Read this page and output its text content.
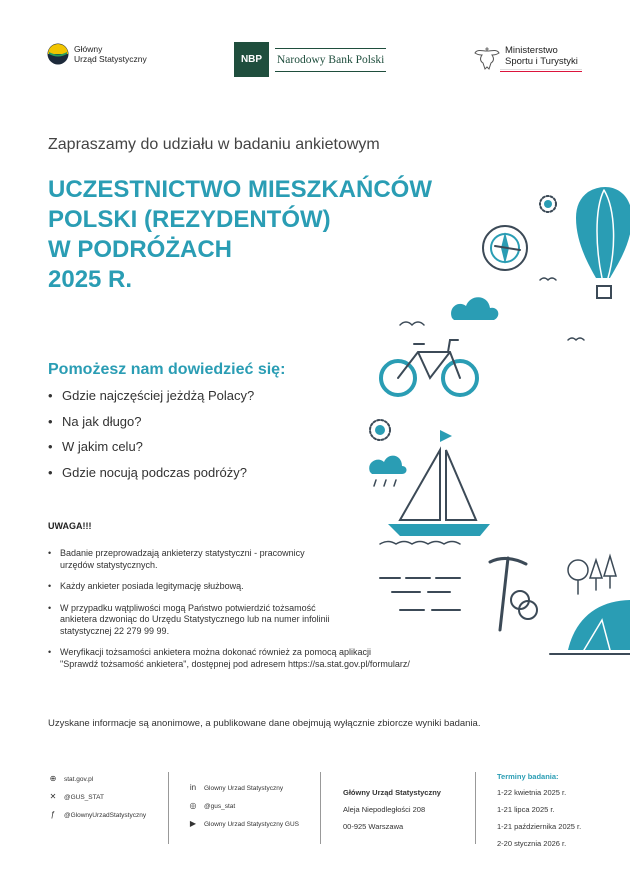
Główny
Urząd Statystyczny	NBP	Narodowy Bank Polski
Ministerstwo
Sportu i Turystyki
Zapraszamy do udziału w badaniu ankietowym
UCZESTNICTWO MIESZKAŃCÓW
POLSKI (REZYDENTÓW)
W PODRÓŻACH
2025 R.
Pomożesz nam dowiedzieć się:
• Gdzie najczęściej jeżdżą Polacy?
• Na jak długo?
• W jakim celu?
• Gdzie nocują podczas podróży?
UWAGA!!!
• Badanie przeprowadzają ankieterzy statystyczni - pracownicy
urzędów statystycznych.
• Każdy ankieter posiada legitymację służbową.
• W przypadku wątpliwości mogą Państwo potwierdzić tożsamość
ankietera dzwoniąc do Urzędu Statystycznego lub na numer infolinii
statystycznej 22 279 99 99.
• Weryfikacji tożsamości ankietera można dokonać również za pomocą aplikacji
"Sprawdź tożsamość ankietera", dostępnej pod adresem https://sa.stat.gov.pl/formularz/
Uzyskane informacje są anonimowe, a publikowane dane obejmują wyłącznie zbiorcze wyniki badania.
⊕ stat.gov.pl
✕ @GUS_STAT
ƒ	@GlownyUrzadStatystyczny
in Glowny Urzad Statystyczny
◎ @gus_stat
▶ Glowny Urzad Statystyczny GUS
Główny Urząd Statystyczny
Aleja Niepodległości 208
00-925 Warszawa
Terminy badania:
1-22 kwietnia 2025 r.
1-21 lipca 2025 r.
1-21 października 2025 r.
2-20 stycznia 2026 r.
